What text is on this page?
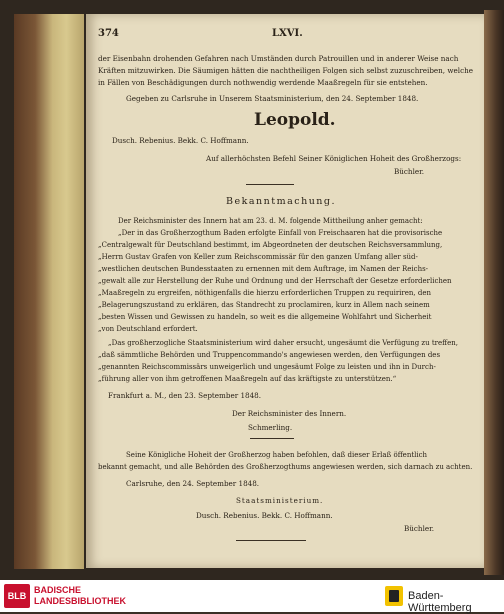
374	LXVI.
der Eisenbahn drohenden Gefahren nach Umständen durch Patrouillen und in anderer Weise nach
Kräften mitzuwirken. Die Säumigen hätten die nachtheiligen Folgen sich selbst zuzuschreiben, welche
in Fällen von Beschädigungen durch nothwendig werdende Maaßregeln für sie entstehen.
Gegeben zu Carlsruhe in Unserem Staatsministerium, den 24. September 1848.
Leopold.
Dusch. Rebenius. Bekk. C. Hoffmann.
Auf allerhöchsten Befehl Seiner Königlichen Hoheit des Großherzogs:
Büchler.
Bekanntmachung.
Der Reichsminister des Innern hat am 23. d. M. folgende Mittheilung anher gemacht:
„Der in das Großherzogthum Baden erfolgte Einfall von Freischaaren hat die provisorische
„Centralgewalt für Deutschland bestimmt, im Abgeordneten der deutschen Reichsversammlung,
„Herrn Gustav Grafen von Keller zum Reichscommissär für den ganzen Umfang aller süd-
„westlichen deutschen Bundesstaaten zu ernennen mit dem Auftrage, im Namen der Reichs-
„gewalt alle zur Herstellung der Ruhe und Ordnung und der Herrschaft der Gesetze erforderlichen
„Maaßregeln zu ergreifen, nöthigenfalls die hierzu erforderlichen Truppen zu requiriren, den
„Belagerungszustand zu erklären, das Standrecht zu proclamiren, kurz in Allem nach seinem
„besten Wissen und Gewissen zu handeln, so weit es die allgemeine Wohlfahrt und Sicherheit
„von Deutschland erfordert.
„Das großherzogliche Staatsministerium wird daher ersucht, ungesäumt die Verfügung zu treffen,
„daß sämmtliche Behörden und Truppencommando's angewiesen werden, den Verfügungen des
„genannten Reichscommissärs unweigerlich und ungesäumt Folge zu leisten und ihn in Durch-
„führung aller von ihm getroffenen Maaßregeln auf das kräftigste zu unterstützen.“
Frankfurt a. M., den 23. September 1848.
Der Reichsminister des Innern.
Schmerling.
Seine Königliche Hoheit der Großherzog haben befohlen, daß dieser Erlaß öffentlich
bekannt gemacht, und alle Behörden des Großherzogthums angewiesen werden, sich darnach zu achten.
Carlsruhe, den 24. September 1848.
Staatsministerium.
Dusch. Rebenius. Bekk. C. Hoffmann.
Büchler.
BLB
BADISCHE
LANDESBIBLIOTHEK	Baden-Württemberg
